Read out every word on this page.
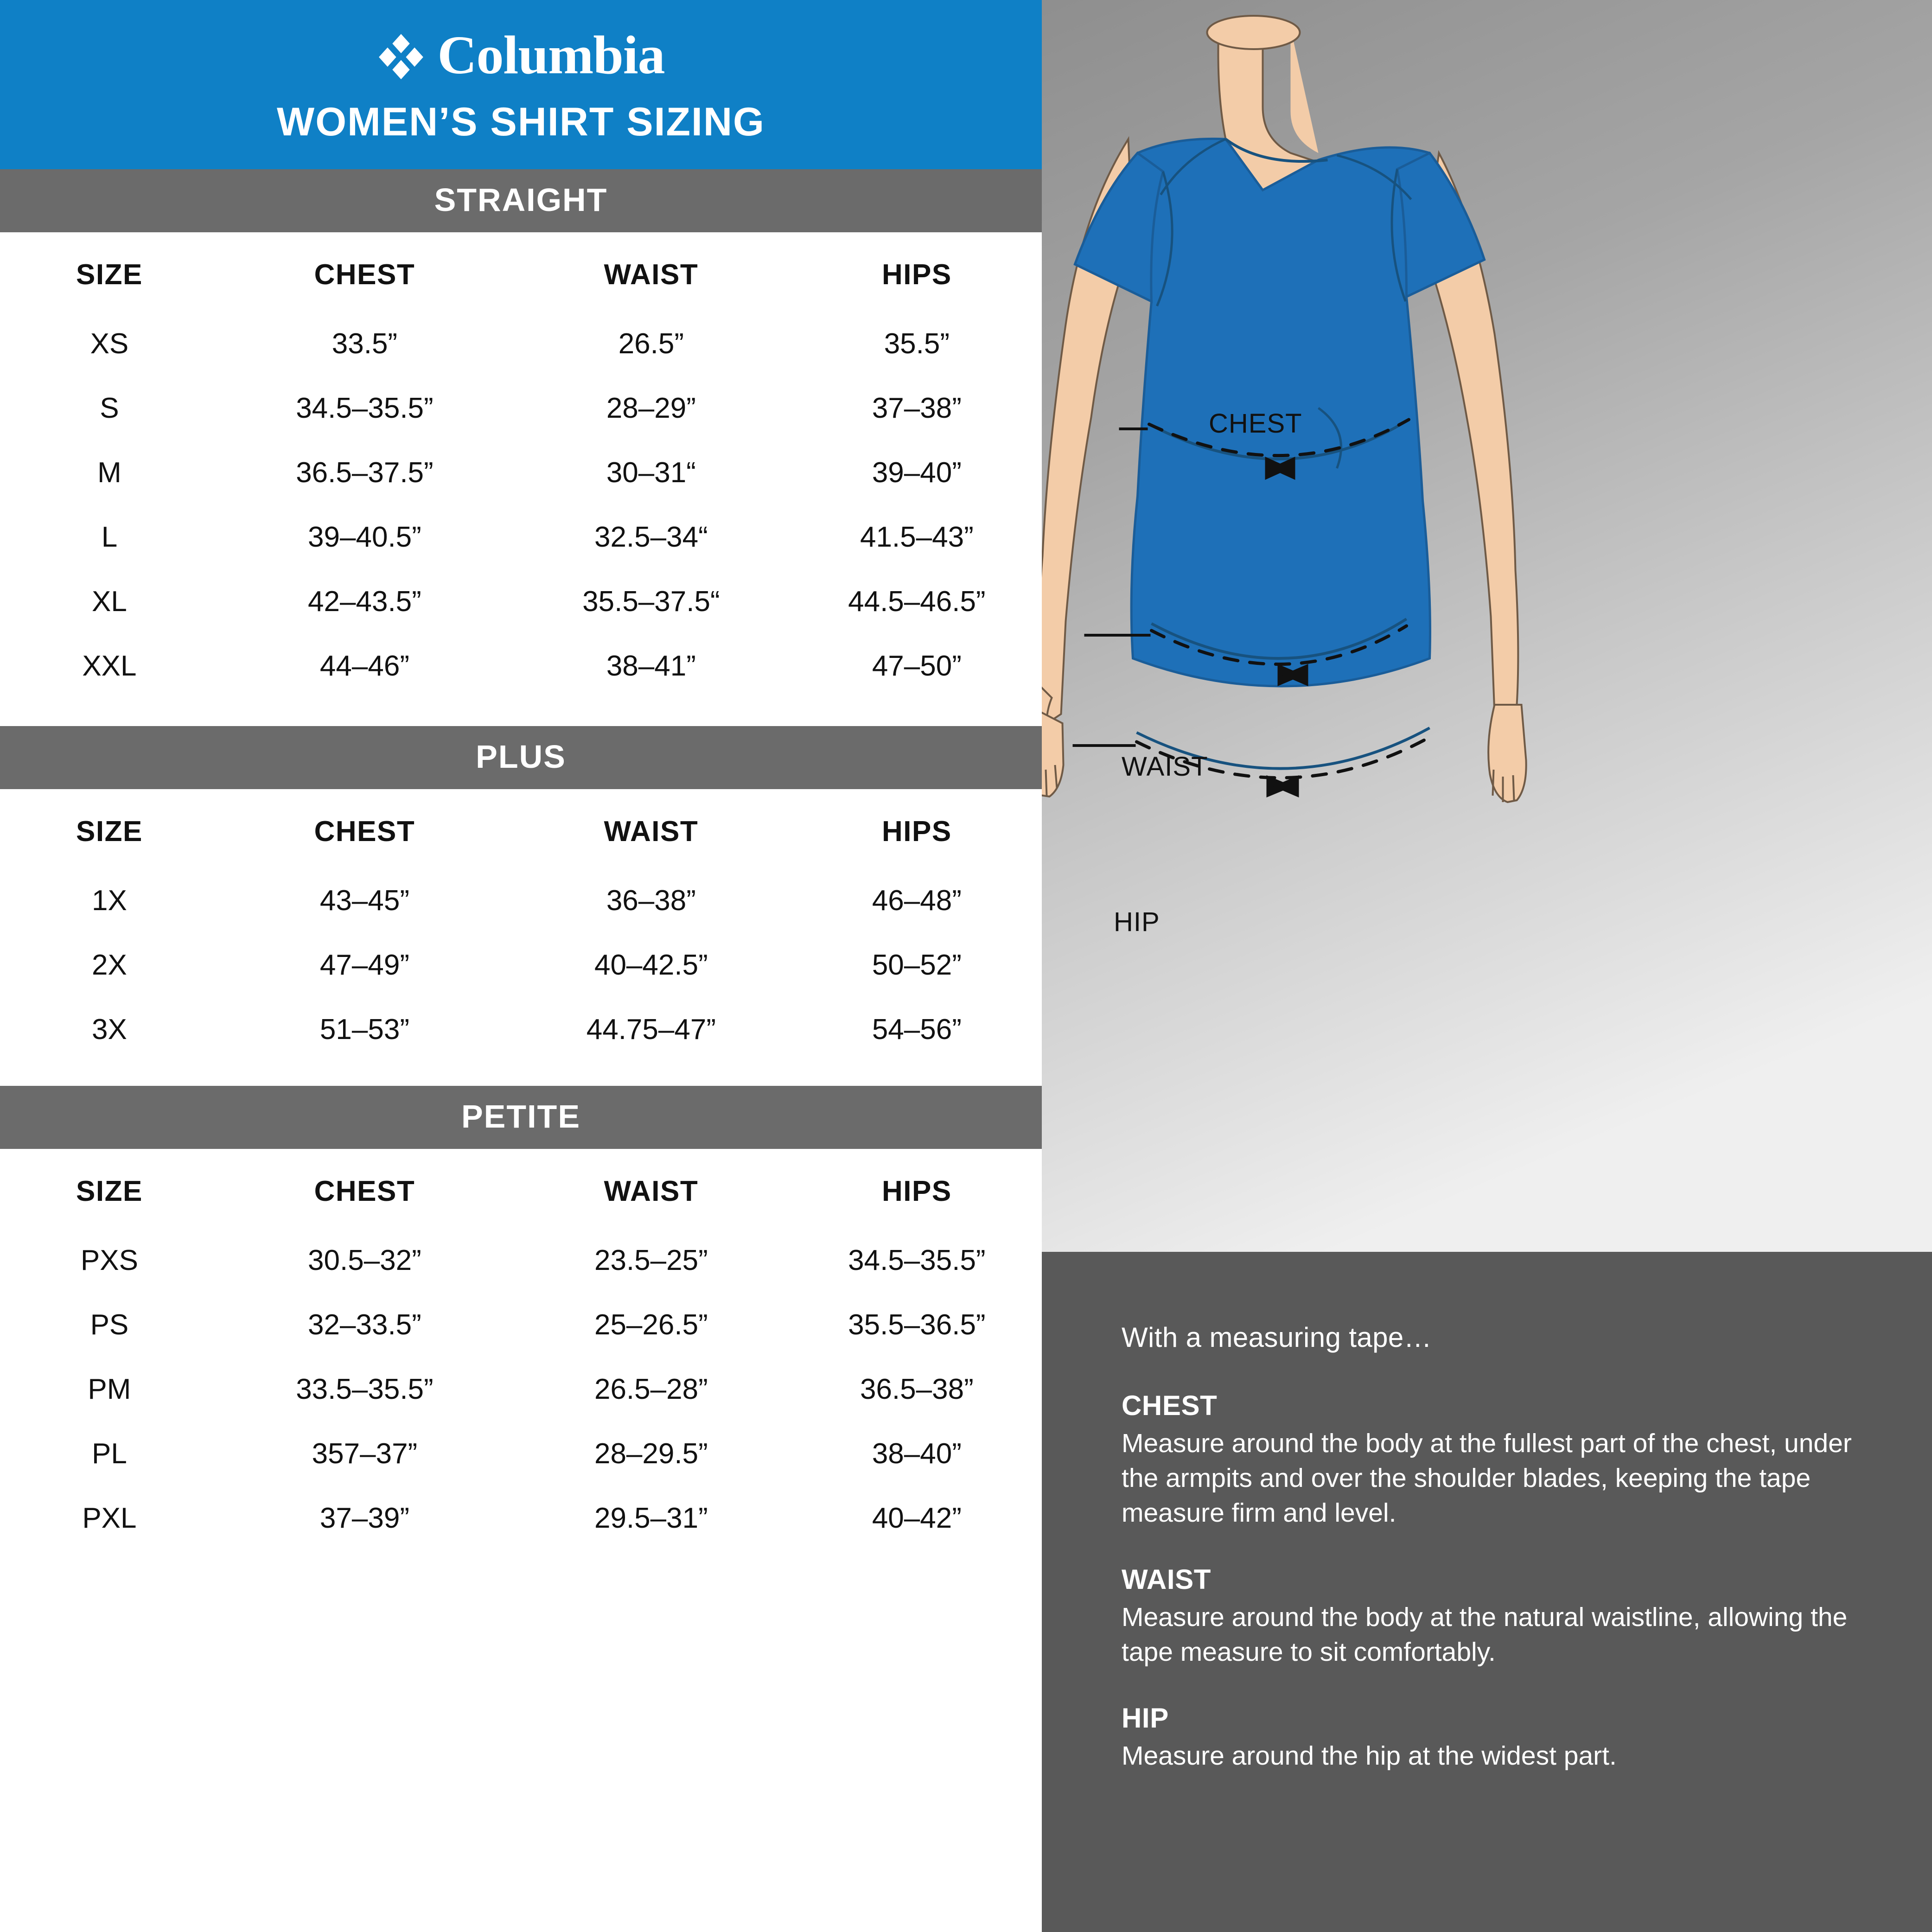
CHEST
WAIST
HIP
Columbia
WOMEN’S SHIRT SIZING
STRAIGHT
SIZE	CHEST	WAIST	HIPS
XS	33.5”	26.5”	35.5”
S	34.5–35.5”	28–29”	37–38”
M	36.5–37.5”	30–31“	39–40”
L	39–40.5”	32.5–34“	41.5–43”
XL	42–43.5”	35.5–37.5“	44.5–46.5”
XXL	44–46”	38–41”	47–50”
PLUS
SIZE	CHEST	WAIST	HIPS
1X	43–45”	36–38”	46–48”
2X	47–49”	40–42.5”	50–52”
3X	51–53”	44.75–47”	54–56”
PETITE
SIZE	CHEST	WAIST	HIPS
PXS	30.5–32”	23.5–25”	34.5–35.5”
PS	32–33.5”	25–26.5”	35.5–36.5”
PM	33.5–35.5”	26.5–28”	36.5–38”
PL	357–37”	28–29.5”	38–40”
PXL	37–39”	29.5–31”	40–42”

With a measuring tape…

CHEST

Measure around the body at the fullest part of the chest, under the armpits and over the shoulder blades, keeping the tape measure firm and level.

WAIST

Measure around the body at the natural waistline, allowing the tape measure to sit comfortably.

HIP

Measure around the hip at the widest part.
